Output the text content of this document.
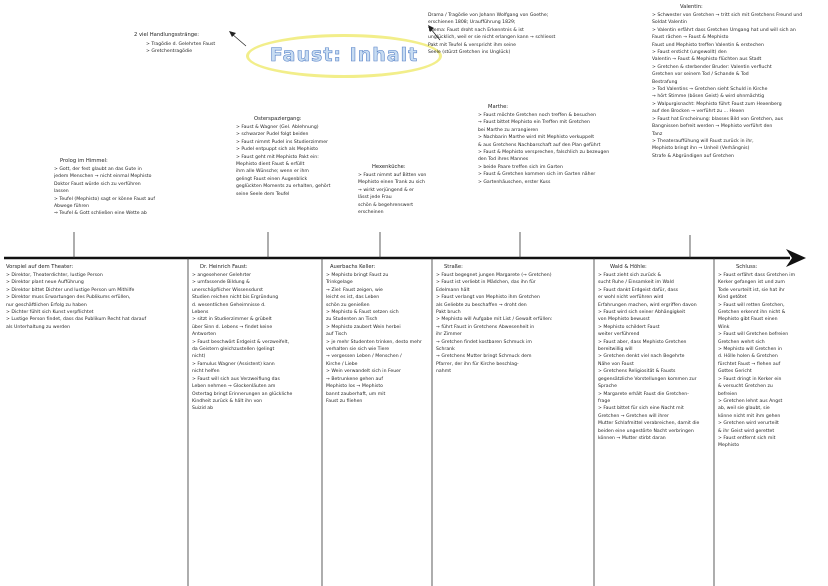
Faust: Inhalt
2 viel Handlungsstränge:
> Tragödie d. Gelehrten Faust
> Gretchentragödie
Drama / Tragödie von Johann Wolfgang von Goethe;
erschienen 1808; Uraufführung 1829;
Thema: Faust droht nach Erkenntnis & ist
unglücklich, weil er sie nicht erlangen kann → schliesst
Pakt mit Teufel & verspricht ihm seine
Seele (stürzt Gretchen ins Unglück)
Valentin:
> Schwester von Gretchen → tritt sich mit Gretchens Freund und
Soldat Valentin
> Valentin erfährt dass Gretchen Umgang hat und will sich an
Faust rächen → Faust & Mephisto
Faust und Mephisto treffen Valentin & erstechen
> Faust ersticht (ungewollt) den
Valentin → Faust & Mephisto flüchten aus Stadt
> Gretchen & sterbender Bruder: Valentin verflucht
Gretchen vor seinem Tod / Schande & Tod
Bestrafung
> Tod Valentins → Gretchen sieht Schuld in Kirche
→ hört Stimme (bösen Geist) & wird ohnmächtig
> Walpurgisnacht: Mephisto führt Faust zum Hexenberg
auf den Brocken → verführt zu ... Hexen
> Faust hat Erscheinung: blasses Bild von Gretchen, aus
Bangnissen befreit werden → Mephisto verführt den
Tanz
> Theaterauffühung will Faust zurück in ihr,
Mephisto bringt ihn → Unheil (Verhängnis)
Strafe & Abgründigen auf Gretchen
Marthe:
> Faust möchte Gretchen noch treffen & besuchen
→ Faust bittet Mephisto ein Treffen mit Gretchen
bei Marthe zu arrangieren
> Nachbarin Marthe wird mit Mephisto verkuppelt
& aus Gretchens Nachbarschaft auf den Plan geführt
> Faust & Mephisto versprechen, falschlich zu bezeugen
den Tod ihres Mannes
> beide Paare treffen sich im Garten
> Faust & Gretchen kommen sich im Garten näher
> Gartenhäuschen, erster Kuss
Hexenküche:
> Faust nimmt auf Bitten von
Mephisto einen Trank zu sich
→ wirkt verjüngend & er
lässt jede Frau
schön & begehrenswert
erscheinen
Osterspaziergang:
> Faust & Wagner (Gel. Ablehnung)
> schwarzer Pudel folgt beiden
> Faust nimmt Pudel ins Studierzimmer
> Pudel entpuppt sich als Mephisto
> Faust geht mit Mephisto Pakt ein:
Mephisto dient Faust & erfüllt
ihm alle Wünsche; wenn er ihm
gelingt Faust einen Augenblick
geglückten Moments zu erhalten, gehört
seine Seele dem Teufel
Prolog im Himmel:
> Gott, der fest glaubt an das Gute in
jedem Menschen → nicht einmal Mephisto
Doktor Faust würde sich zu verführen
lassen
> Teufel (Mephisto) sagt er könne Faust auf
Abwege führen
⇒ Teufel & Gott schließen eine Wette ab
Vorspiel auf dem Theater:
> Direktor, Theaterdichter, lustige Person
> Direktor plant neue Aufführung
> Direktor bittet Dichter und lustige Person um Mithilfe
> Direktor muss Erwartungen des Publikums erfüllen,
nur geschäftlichen Erfolg zu haben
> Dichter fühlt sich Kunst verpflichtet
> Lustige Person findet, dass das Publikum Recht hat darauf
als Unterhaltung zu werden
Dr. Heinrich Faust:
> angesehener Gelehrter
> umfassende Bildung &
unerschöpflicher Wissensdurst
Studien reichen nicht bis Ergründung
d. wesentlichen Geheimnisse d.
Lebens
> sitzt in Studierzimmer & grübelt
über Sinn d. Lebens → findet keine
Antworten
> Faust beschwört Erdgeist & verzweifelt,
da Geistern gleichzustellen (gelingt
nicht)
> Famulus Wagner (Assistent) kann
nicht helfen
> Faust will sich aus Verzweiflung das
Leben nehmen → Glockenläuten am
Ostertag bringt Erinnerungen an glückliche
Kindheit zurück & hält ihn von
Suizid ab
Auerbachs Keller:
> Mephisto bringt Faust zu
Trinkgelage
→ Ziel: Faust zeigen, wie
leicht es ist, das Leben
schön zu genießen
> Mephisto & Faust setzen sich
zu Studenten an Tisch
> Mephisto zaubert Wein herbei
auf Tisch
> je mehr Studenten trinken, desto mehr
verhalten sie sich wie Tiere
→ vergessen Leben / Menschen /
Kirche / Liebe
> Wein verwandelt sich in Feuer
→ Betrunkene gehen auf
Mephisto los → Mephisto
bannt zauberhaft, um mit
Faust zu fliehen
Straße:
> Faust begegnet jungen Margarete (→ Gretchen)
> Faust ist verliebt in Mädchen, das ihn für
Edelmann hält
> Faust verlangt von Mephisto ihm Gretchen
als Geliebte zu beschaffen → droht den
Pakt bruch
> Mephisto will Aufgabe mit List / Gewalt erfüllen:
→ führt Faust in Gretchens Abwesenheit in
ihr Zimmer
→ Gretchen findet kostbaren Schmuck im
Schrank
→ Gretchens Mutter bringt Schmuck dem
Pfarrer, der ihn für Kirche beschlag-
nahmt
Wald & Höhle:
> Faust zieht sich zurück &
sucht Ruhe / Einsamkeit im Wald
> Faust dankt Erdgeist dafür, dass
er wohl nicht verführen wird
Erfahrungen machen, wird ergriffen davon
> Faust wird sich seiner Abhängigkeit
von Mephisto bewusst
> Mephisto schildert Faust
weiter verführend
> Faust aber, dass Mephisto Gretchen
bereitwillig will
> Gretchen denkt viel nach Begehrte
Nähe von Faust
> Gretchens Religiosität & Fausts
gegensätzliche Vorstellungen kommen zur
Sprache
> Margarete erhält Faust die Gretchen-
frage
> Faust bittet für sich eine Nacht mit
Gretchen → Gretchen will ihrer
Mutter Schlafmittel verabreichen, damit die
beiden eine ungestörte Nacht verbringen
können → Mutter stirbt daran
Schluss:
> Faust erfährt dass Gretchen im
Kerker gefangen ist und zum
Tode verurteilt ist, sie hat ihr
Kind getötet
> Faust will retten Gretchen,
Gretchen erkennt ihn nicht &
Mephisto gibt Faust einen
Wink
> Faust will Gretchen befreien
Gretchen wehrt sich
> Mephisto will Gretchen in
d. Hölle holen & Gretchen
fürchtet Faust → flehen auf
Gottes Gericht
> Faust dringt in Kerker ein
& versucht Gretchen zu
befreien
> Gretchen lehnt aus Angst
ab, weil sie glaubt, sie
könne nicht mit ihm gehen
> Gretchen wird verurteilt
& ihr Geist wird gerettet
> Faust entfernt sich mit
Mephisto
